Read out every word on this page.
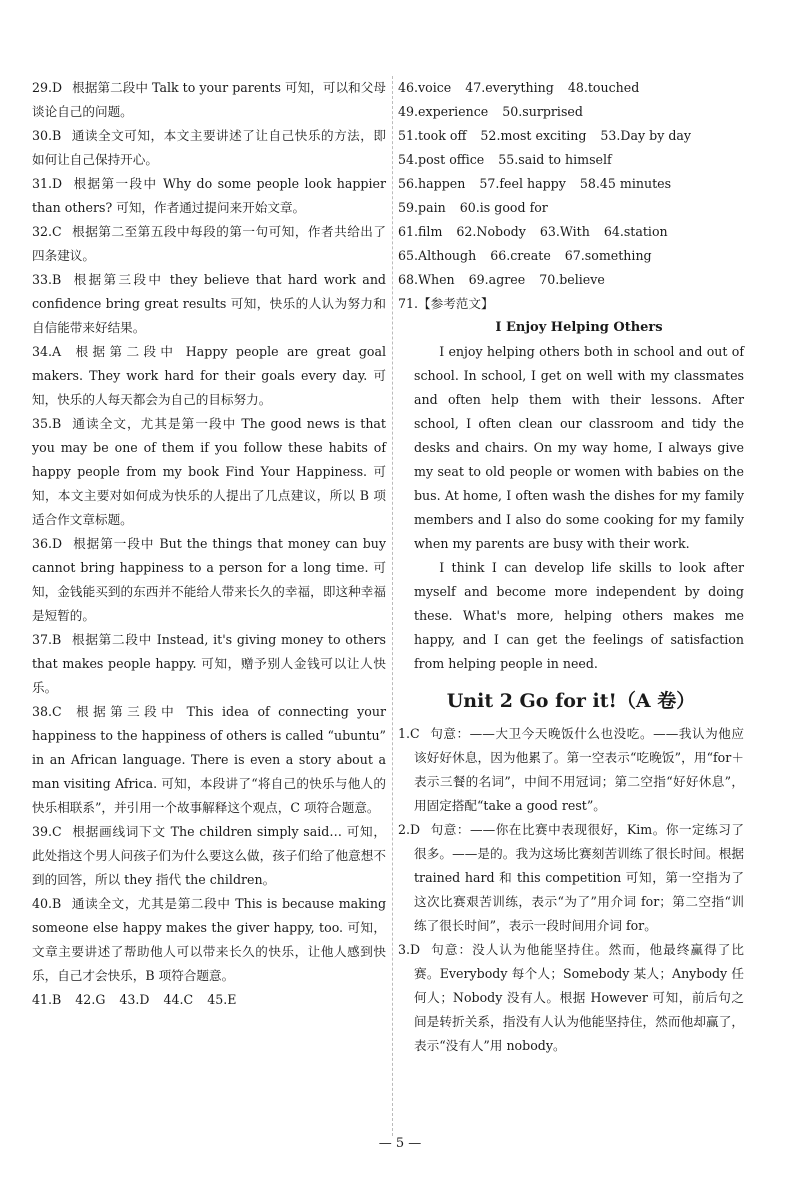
29.D 根据第二段中 Talk to your parents 可知，可以和父母谈论自己的问题。
30.B 通读全文可知，本文主要讲述了让自己快乐的方法，即如何让自己保持开心。
31.D 根据第一段中 Why do some people look happier than others? 可知，作者通过提问来开始文章。
32.C 根据第二至第五段中每段的第一句可知，作者共给出了四条建议。
33.B 根据第三段中 they believe that hard work and confidence bring great results 可知，快乐的人认为努力和自信能带来好结果。
34.A 根据第二段中 Happy people are great goal makers. They work hard for their goals every day. 可知，快乐的人每天都会为自己的目标努力。
35.B 通读全文，尤其是第一段中 The good news is that you may be one of them if you follow these habits of happy people from my book Find Your Happiness. 可知，本文主要对如何成为快乐的人提出了几点建议，所以 B 项适合作文章标题。
36.D 根据第一段中 But the things that money can buy cannot bring happiness to a person for a long time. 可知，金钱能买到的东西并不能给人带来长久的幸福，即这种幸福是短暂的。
37.B 根据第二段中 Instead, it's giving money to others that makes people happy. 可知，赠予别人金钱可以让人快乐。
38.C 根据第三段中 This idea of connecting your happiness to the happiness of others is called “ubuntu” in an African language. There is even a story about a man visiting Africa. 可知，本段讲了“将自己的快乐与他人的快乐相联系”，并引用一个故事解释这个观点，C 项符合题意。
39.C 根据画线词下文 The children simply said… 可知，此处指这个男人问孩子们为什么要这么做，孩子们给了他意想不到的回答，所以 they 指代 the children。
40.B 通读全文，尤其是第二段中 This is because making someone else happy makes the giver happy, too. 可知，文章主要讲述了帮助他人可以带来长久的快乐，让他人感到快乐，自己才会快乐，B 项符合题意。
41.B 42.G 43.D 44.C 45.E
46.voice 47.everything 48.touched
49.experience 50.surprised
51.took off 52.most exciting 53.Day by day
54.post office 55.said to himself
56.happen 57.feel happy 58.45 minutes
59.pain 60.is good for
61.film 62.Nobody 63.With 64.station
65.Although 66.create 67.something
68.When 69.agree 70.believe
71.【参考范文】
I Enjoy Helping Others
I enjoy helping others both in school and out of school. In school, I get on well with my classmates and often help them with their lessons. After school, I often clean our classroom and tidy the desks and chairs. On my way home, I always give my seat to old people or women with babies on the bus. At home, I often wash the dishes for my family members and I also do some cooking for my family when my parents are busy with their work.
I think I can develop life skills to look after myself and become more independent by doing these. What's more, helping others makes me happy, and I can get the feelings of satisfaction from helping people in need.
Unit 2 Go for it!（A 卷）
1.C 句意：——大卫今天晚饭什么也没吃。——我认为他应该好好休息，因为他累了。第一空表示“吃晚饭”，用“for＋表示三餐的名词”，中间不用冠词；第二空指“好好休息”，用固定搭配“take a good rest”。
2.D 句意：——你在比赛中表现很好，Kim。你一定练习了很多。——是的。我为这场比赛刻苦训练了很长时间。根据 trained hard 和 this competition 可知，第一空指为了这次比赛艰苦训练，表示“为了”用介词 for；第二空指“训练了很长时间”，表示一段时间用介词 for。
3.D 句意：没人认为他能坚持住。然而，他最终赢得了比赛。Everybody 每个人；Somebody 某人；Anybody 任何人；Nobody 没有人。根据 However 可知，前后句之间是转折关系，指没有人认为他能坚持住，然而他却赢了，表示“没有人”用 nobody。
— 5 —
